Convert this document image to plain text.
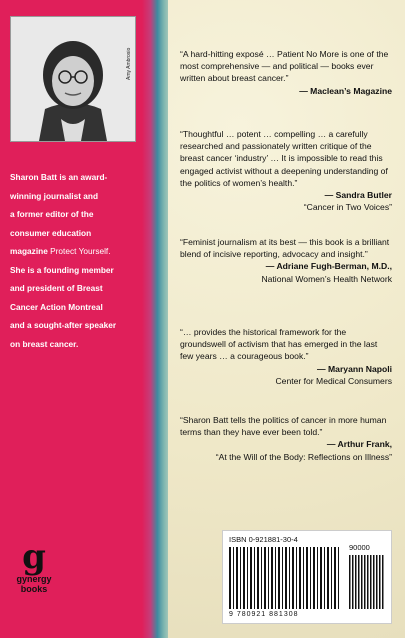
Amy Ambrosio
Sharon Batt is an award-
winning journalist and
a former editor of the
consumer education
magazine Protect Yourself.
She is a founding member
and president of Breast
Cancer Action Montreal
and a sought-after speaker
on breast cancer.
g
gynergy
books

“A hard-hitting exposé … Patient No More is one of the most comprehensive — and political — books ever written about breast cancer.”

— Maclean’s Magazine

“Thoughtful … potent … compelling … a carefully researched and passionately written critique of the breast cancer ‘industry’ … It is impossible to read this engaged activist without a deepening understanding of the politics of women’s health.”

— Sandra Butler
“Cancer in Two Voices”

“Feminist journalism at its best — this book is a brilliant blend of incisive reporting, advocacy and insight.”

— Adriane Fugh-Berman, M.D.,
National Women’s Health Network

“… provides the historical framework for the groundswell of activism that has emerged in the last few years … a courageous book.”

— Maryann Napoli
Center for Medical Consumers

“Sharon Batt tells the politics of cancer in more human terms than they have ever been told.”

— Arthur Frank,
“At the Will of the Body: Reflections on Illness”
ISBN 0-921881-30-4
90000
9 780921 881308
